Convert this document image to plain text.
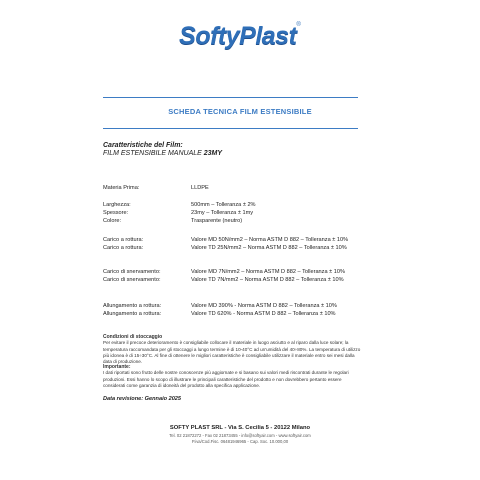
SoftyPlast®
SCHEDA TECNICA FILM ESTENSIBILE
Caratteristiche del Film:
FILM ESTENSIBILE MANUALE 23MY
Materia Prima:	LLDPE
Larghezza:	500mm – Tolleranza ± 2%
Spessore:	23my – Tolleranza ± 1my
Colore:	Trasparente (neutro)
Carico a rottura:	Valore MD 50N/mm2 – Norma ASTM D 882 – Tolleranza ± 10%
Carico a rottura:	Valore TD 25N/mm2 – Norma ASTM D 882 – Tolleranza ± 10%
Carico di snervamento:	Valore MD 7N/mm2 – Norma ASTM D 882 – Tolleranza ± 10%
Carico di snervamento:	Valore TD 7N/mm2 – Norma ASTM D 882 – Tolleranza ± 10%
Allungamento a rottura:	Valore MD 390% - Norma ASTM D 882 – Tolleranza ± 10%
Allungamento a rottura:	Valore TD 620% - Norma ASTM D 882 – Tolleranza ± 10%
Condizioni di stoccaggio
Per evitare il precoce deterioramento è consigliabile collocare il materiale in luogo asciutto e al riparo dalla luce solare; la temperatura raccomandata per gli stoccaggi a lungo termine è di 10-40°C ad un'umidità del 40÷80%. La temperatura di utilizzo più idonea è di 15÷30°C. Al fine di ottenere le migliori caratteristiche è consigliabile utilizzare il materiale entro sei mesi dalla data di produzione.
Importante:
I dati riportati sono frutto delle nostre conoscenze più aggiornate e si basano sui valori medi riscontrati durante le regolari produzioni. Essi hanno lo scopo di illustrare le principali caratteristiche del prodotto e non dovrebbero pertanto essere considerati come garanzia di idoneità del prodotto alla specifica applicazione.
Data revisione: Gennaio 2025
SOFTY PLAST SRL - Via S. Cecilia 5 - 20122 Milano
Tel. 02 21872272 - Fax 02 21873455 - info@softyair.com - www.softyair.com
P.iva/Cod.Fisc. 06481946965 - Cap. Soc. 10.000,00
